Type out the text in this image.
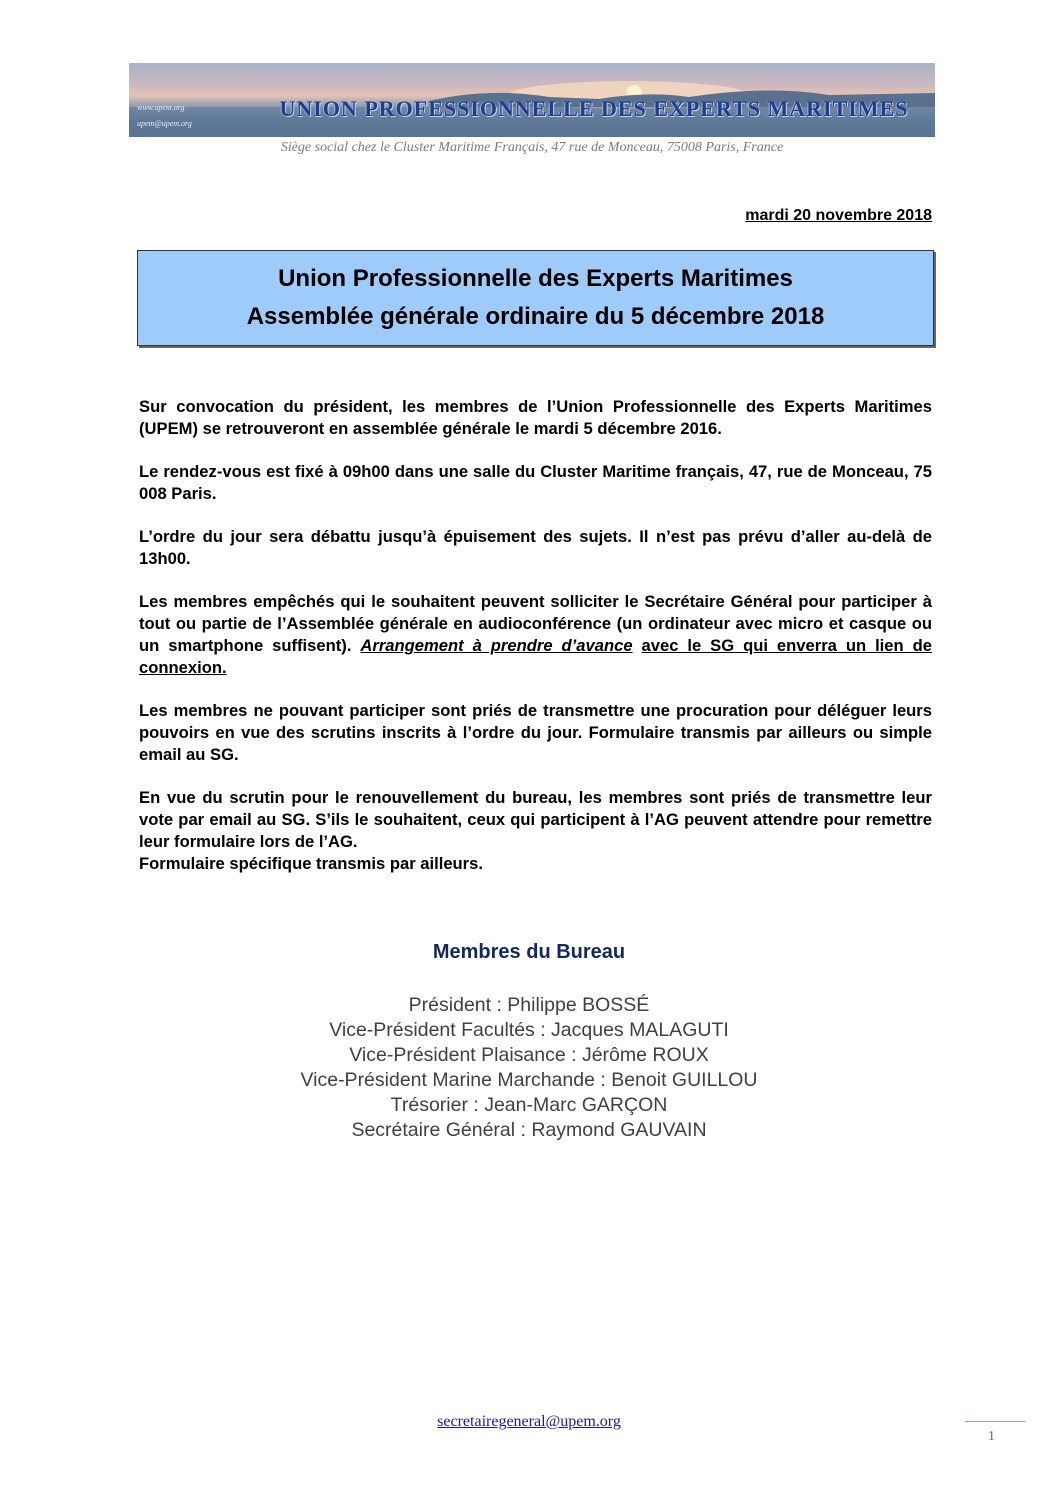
www.upem.org
upem@upem.org
UNION PROFESSIONNELLE DES EXPERTS MARITIMES
Siège social chez le Cluster Maritime Français, 47 rue de Monceau, 75008 Paris, France
mardi 20 novembre 2018
Union Professionnelle des Experts Maritimes
Assemblée générale ordinaire du 5 décembre 2018

Sur convocation du président, les membres de l’Union Professionnelle des Experts Maritimes (UPEM) se retrouveront en assemblée générale le mardi 5 décembre 2016.

Le rendez-vous est fixé à 09h00 dans une salle du Cluster Maritime français, 47, rue de Monceau, 75 008 Paris.

L’ordre du jour sera débattu jusqu’à épuisement des sujets. Il n’est pas prévu d’aller au-delà de 13h00.

Les membres empêchés qui le souhaitent peuvent solliciter le Secrétaire Général pour participer à tout ou partie de l’Assemblée générale en audioconférence (un ordinateur avec micro et casque ou un smartphone suffisent). Arrangement à prendre d’avance avec le SG qui enverra un lien de connexion.

Les membres ne pouvant participer sont priés de transmettre une procuration pour déléguer leurs pouvoirs en vue des scrutins inscrits à l’ordre du jour. Formulaire transmis par ailleurs ou simple email au SG.

En vue du scrutin pour le renouvellement du bureau, les membres sont priés de transmettre leur vote par email au SG. S’ils le souhaitent, ceux qui participent à l’AG peuvent attendre pour remettre leur formulaire lors de l’AG.
Formulaire spécifique transmis par ailleurs.

Membres du Bureau
Président : Philippe BOSSÉ
Vice-Président Facultés : Jacques MALAGUTI
Vice-Président Plaisance : Jérôme ROUX
Vice-Président Marine Marchande : Benoit GUILLOU
Trésorier : Jean-Marc GARÇON
Secrétaire Général : Raymond GAUVAIN
secretairegeneral@upem.org
1
